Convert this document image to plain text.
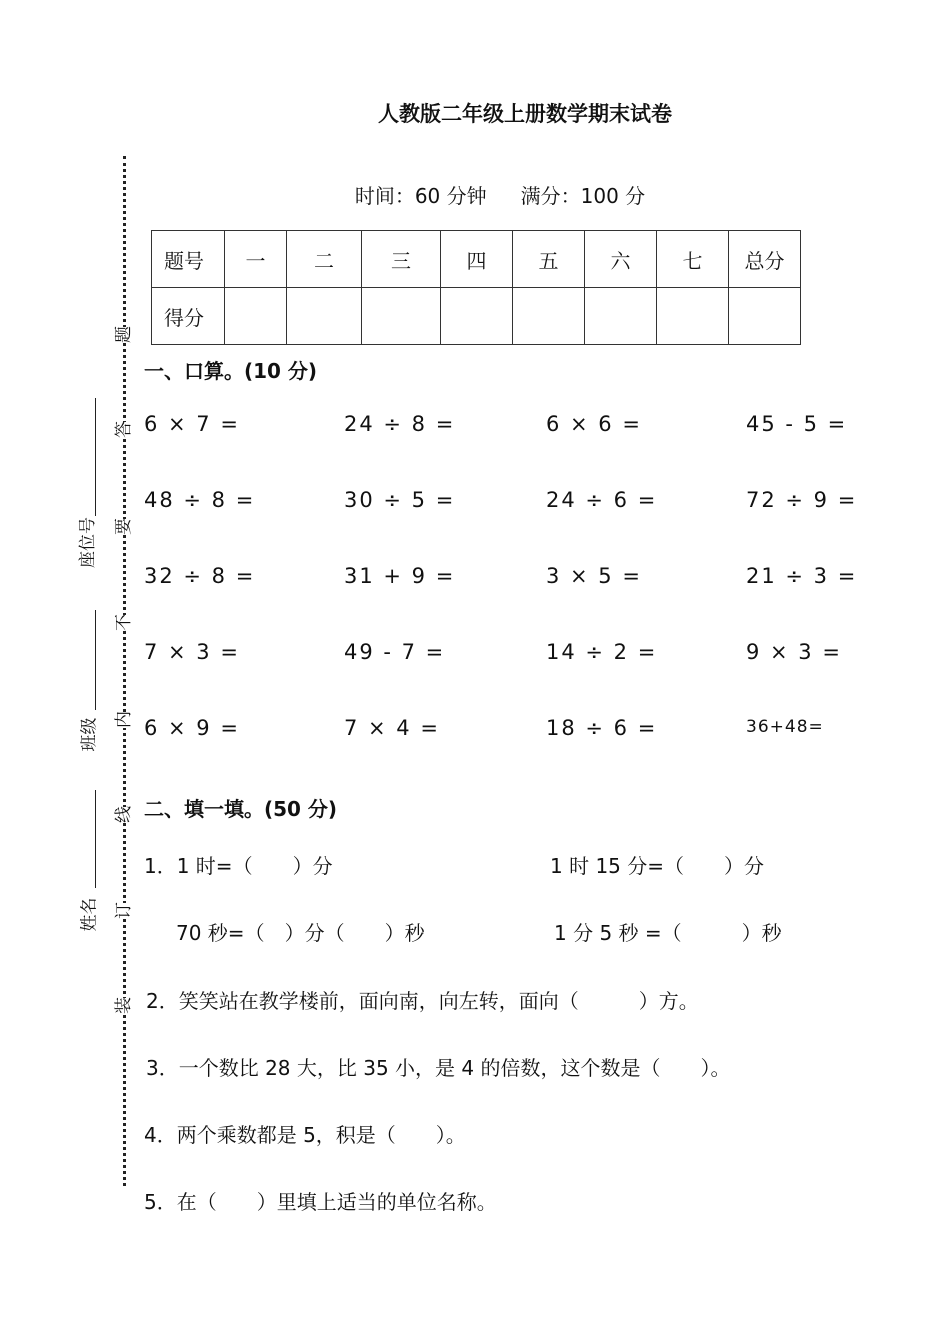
人教版二年级上册数学期末试卷
时间：60 分钟 满分：100 分
题
答
要
不
内
线
订
装
座位号
班级
姓名
题号	一	二	三	四	五	六	七	总分
得分								
一、口算。(10 分)
6 × 7 =	24 ÷ 8 =	6 × 6 =	45 - 5 =
48 ÷ 8 =	30 ÷ 5 =	24 ÷ 6 =	72 ÷ 9 =
32 ÷ 8 =	31 + 9 =	3 × 5 =	21 ÷ 3 =
7 × 3 =	49 - 7 =	14 ÷ 2 =	9 × 3 =
6 × 9 =	7 × 4 =	18 ÷ 6 =	36+48=
二、填一填。(50 分)
1．1 时=（　　）分	1 时 15 分=（　　）分
70 秒=（　）分（　　）秒	1 分 5 秒 =（　　　）秒
2．笑笑站在教学楼前，面向南，向左转，面向（　　　）方。
3．一个数比 28 大，比 35 小，是 4 的倍数，这个数是（　　）。
4．两个乘数都是 5，积是（　　）。
5．在（　　）里填上适当的单位名称。
